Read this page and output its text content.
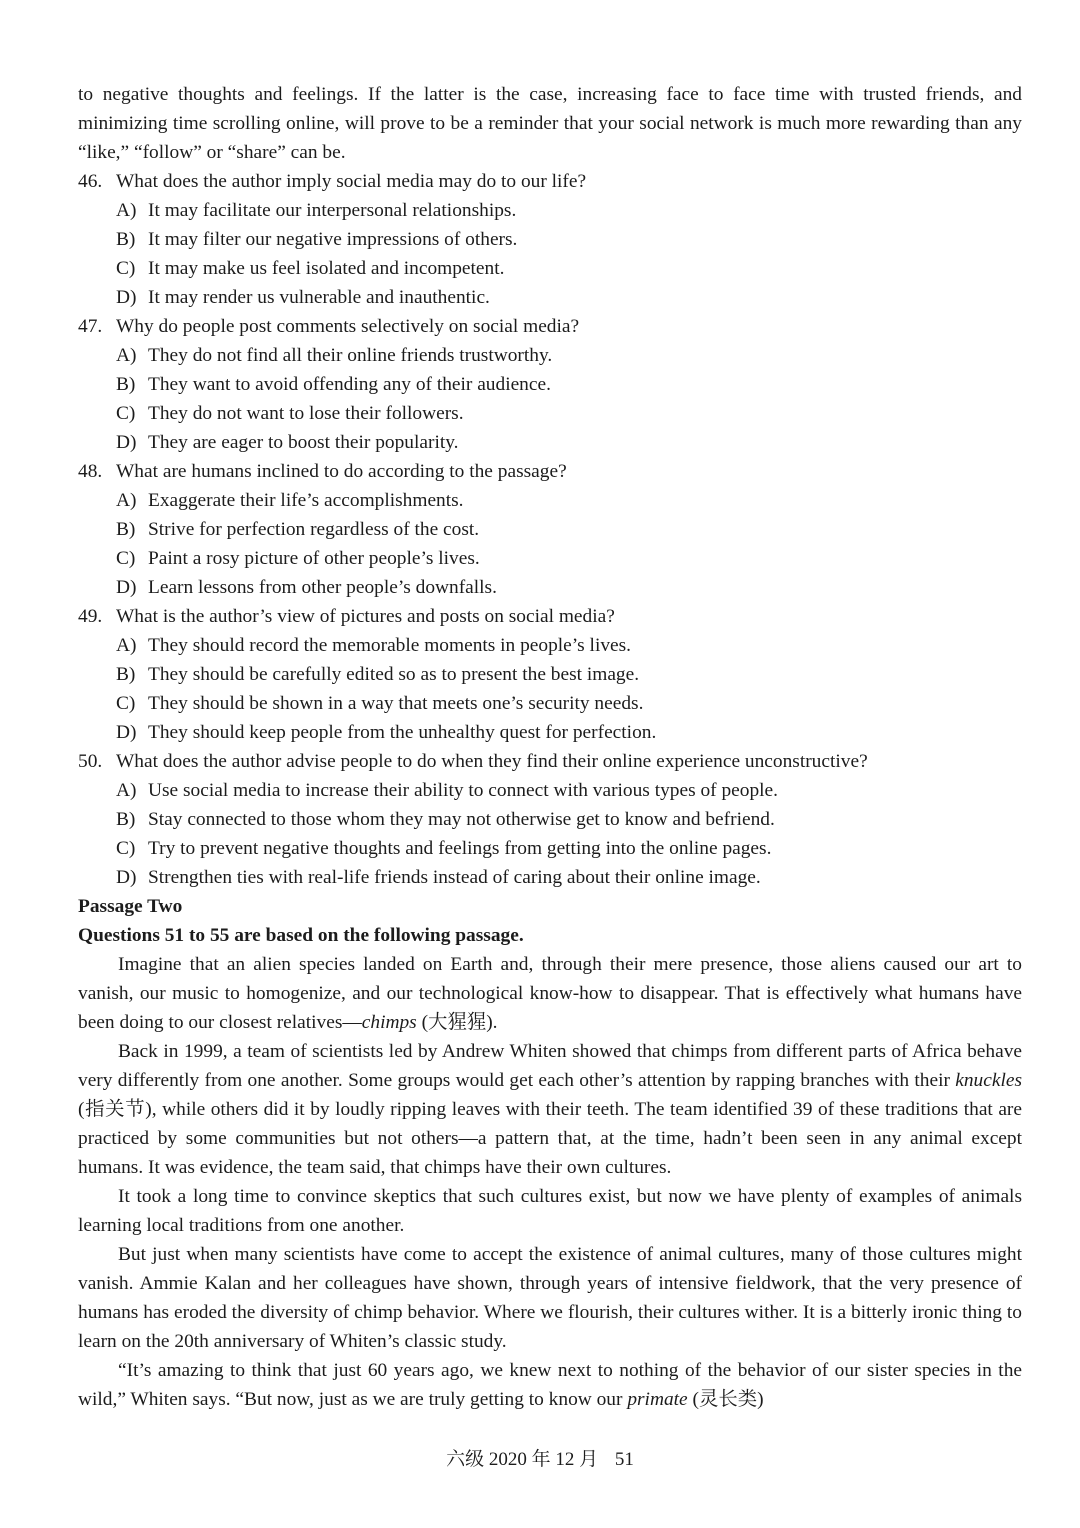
to negative thoughts and feelings. If the latter is the case, increasing face to face time with trusted friends, and minimizing time scrolling online, will prove to be a reminder that your social network is much more rewarding than any “like,” “follow” or “share” can be.

46. What does the author imply social media may do to our life?
A) It may facilitate our interpersonal relationships.
B) It may filter our negative impressions of others.
C) It may make us feel isolated and incompetent.
D) It may render us vulnerable and inauthentic.
47. Why do people post comments selectively on social media?
A) They do not find all their online friends trustworthy.
B) They want to avoid offending any of their audience.
C) They do not want to lose their followers.
D) They are eager to boost their popularity.
48. What are humans inclined to do according to the passage?
A) Exaggerate their life’s accomplishments.
B) Strive for perfection regardless of the cost.
C) Paint a rosy picture of other people’s lives.
D) Learn lessons from other people’s downfalls.
49. What is the author’s view of pictures and posts on social media?
A) They should record the memorable moments in people’s lives.
B) They should be carefully edited so as to present the best image.
C) They should be shown in a way that meets one’s security needs.
D) They should keep people from the unhealthy quest for perfection.
50. What does the author advise people to do when they find their online experience unconstructive?
A) Use social media to increase their ability to connect with various types of people.
B) Stay connected to those whom they may not otherwise get to know and befriend.
C) Try to prevent negative thoughts and feelings from getting into the online pages.
D) Strengthen ties with real-life friends instead of caring about their online image.

Passage Two

Questions 51 to 55 are based on the following passage.

Imagine that an alien species landed on Earth and, through their mere presence, those aliens caused our art to vanish, our music to homogenize, and our technological know-how to disappear. That is effectively what humans have been doing to our closest relatives—chimps (大猩猩).

Back in 1999, a team of scientists led by Andrew Whiten showed that chimps from different parts of Africa behave very differently from one another. Some groups would get each other’s attention by rapping branches with their knuckles (指关节), while others did it by loudly ripping leaves with their teeth. The team identified 39 of these traditions that are practiced by some communities but not others—a pattern that, at the time, hadn’t been seen in any animal except humans. It was evidence, the team said, that chimps have their own cultures.

It took a long time to convince skeptics that such cultures exist, but now we have plenty of examples of animals learning local traditions from one another.

But just when many scientists have come to accept the existence of animal cultures, many of those cultures might vanish. Ammie Kalan and her colleagues have shown, through years of intensive fieldwork, that the very presence of humans has eroded the diversity of chimp behavior. Where we flourish, their cultures wither. It is a bitterly ironic thing to learn on the 20th anniversary of Whiten’s classic study.

“It’s amazing to think that just 60 years ago, we knew next to nothing of the behavior of our sister species in the wild,” Whiten says. “But now, just as we are truly getting to know our primate (灵长类)

六级 2020 年 12 月 51
